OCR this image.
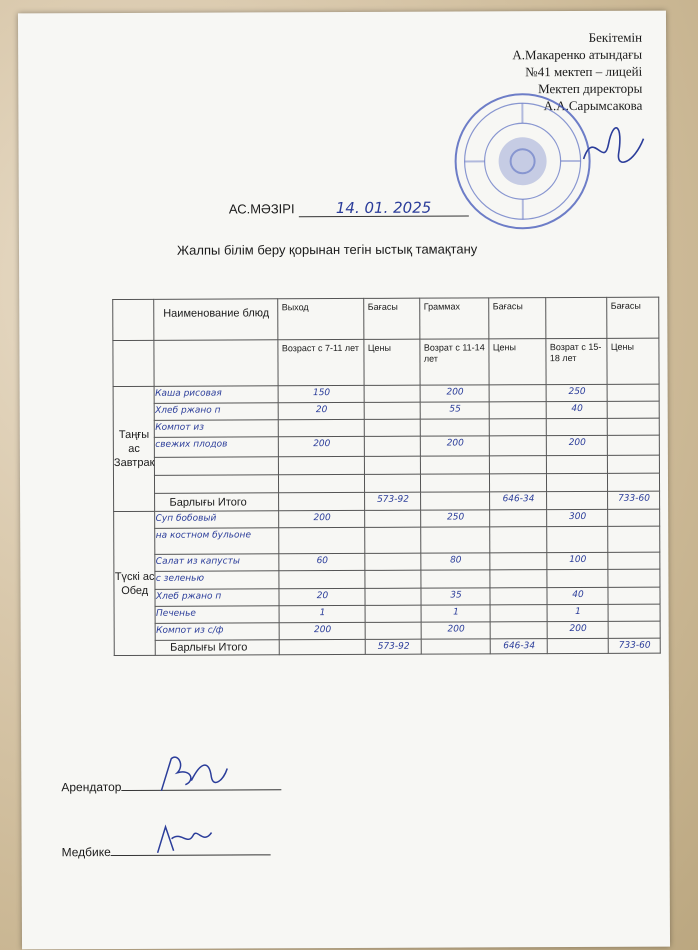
Бекітемін
А.Макаренко атындағы
№41 мектеп – лицейі
Мектеп директоры
А.А.Сарымсакова
АС.МӘЗІРІ	14. 01. 2025
Жалпы білім беру қорынан тегін ыстық тамақтану
	Наименование блюд	Выход	Бағасы	Граммах	Бағасы		Бағасы
		Возраст с 7-11 лет	Цены	Возрат с 11-14 лет	Цены	Возрат с 15-18 лет	Цены
Таңғы ас Завтрак	Каша рисовая	150		200		250	
	Хлеб ржано п	20		55		40	
	Компот из						
	свежих плодов	200		200		200	

	Барлығы Итого		573-92		646-34		733-60
Түскі ас Обед	Суп бобовый	200		250		300	
	на костном бульоне						
	Салат из капусты	60		80		100	
	с зеленью						
	Хлеб ржано п	20		35		40	
	Печенье	1		1		1	
	Компот из с/ф	200		200		200	
	Барлығы Итого		573-92		646-34		733-60
Арендатор
Медбике
